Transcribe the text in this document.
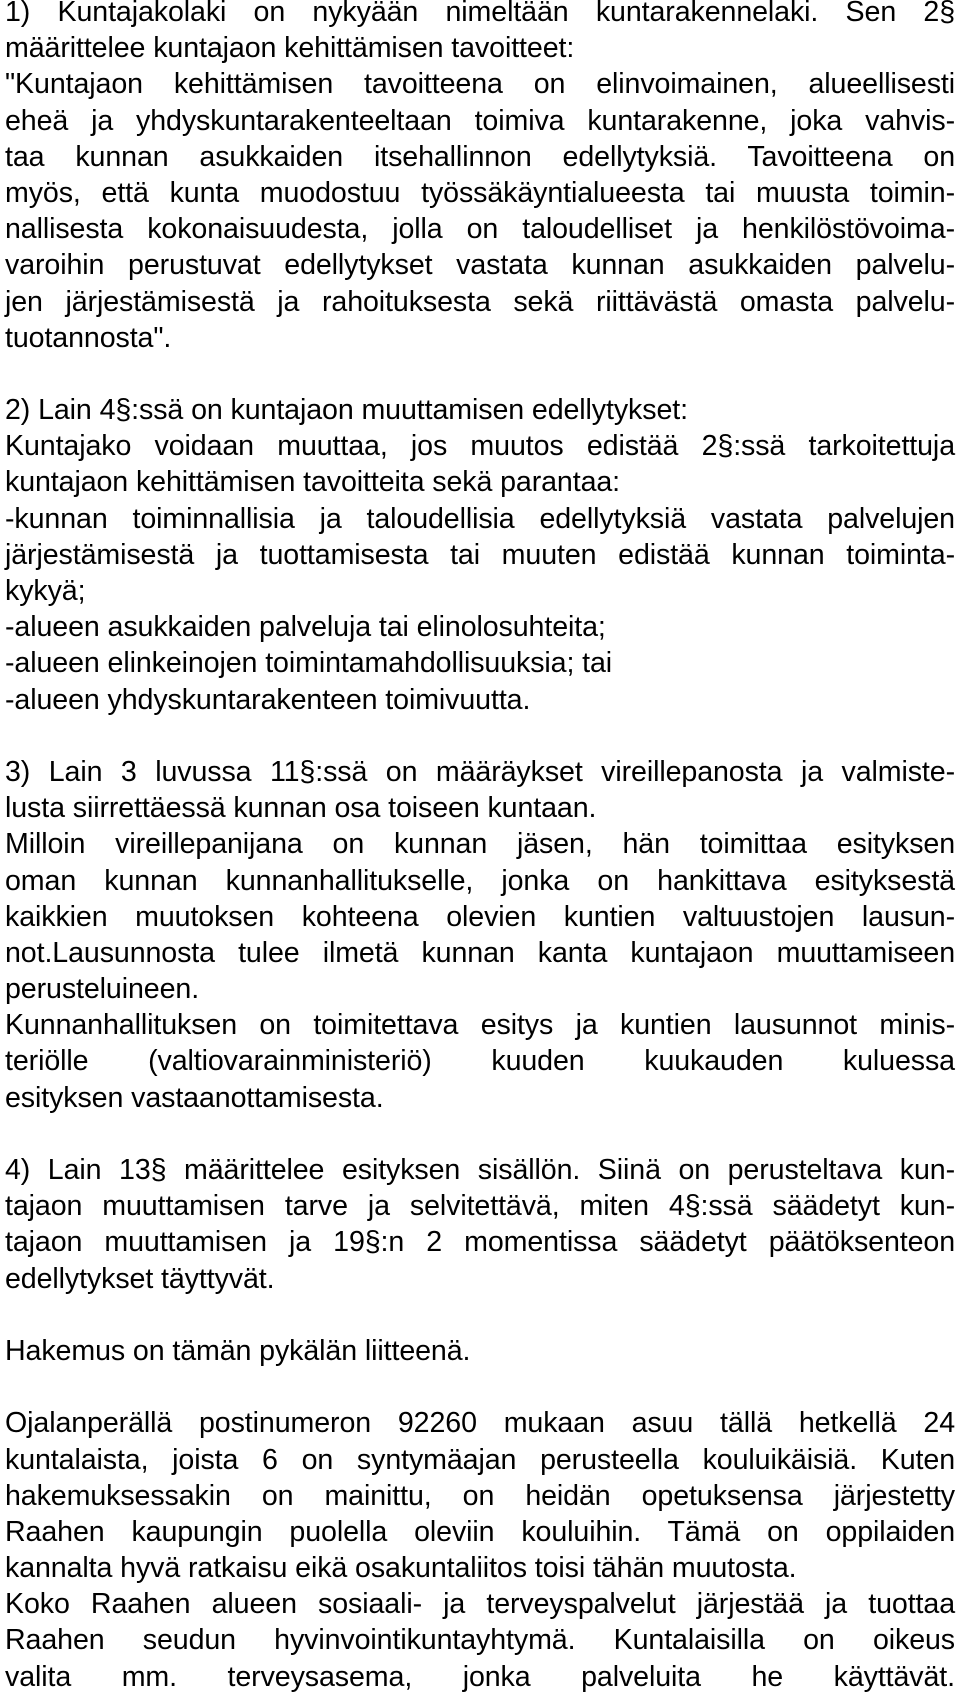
1) Kuntajakolaki on nykyään nimeltään kuntarakennelaki. Sen 2§
määrittelee kuntajaon kehittämisen tavoitteet:
"Kuntajaon kehittämisen tavoitteena on elinvoimainen, alueellisesti
eheä ja yhdyskuntarakenteeltaan toimiva kuntarakenne, joka vahvis-
taa kunnan asukkaiden itsehallinnon edellytyksiä. Tavoitteena on
myös, että kunta muodostuu työssäkäyntialueesta tai muusta toimin-
nallisesta kokonaisuudesta, jolla on taloudelliset ja henkilöstövoima-
varoihin perustuvat edellytykset vastata kunnan asukkaiden palvelu-
jen järjestämisestä ja rahoituksesta sekä riittävästä omasta palvelu-
tuotannosta".
2) Lain 4§:ssä on kuntajaon muuttamisen edellytykset:
Kuntajako voidaan muuttaa, jos muutos edistää 2§:ssä tarkoitettuja
kuntajaon kehittämisen tavoitteita sekä parantaa:
-kunnan toiminnallisia ja taloudellisia edellytyksiä vastata palvelujen
järjestämisestä ja tuottamisesta tai muuten edistää kunnan toiminta-
kykyä;
-alueen asukkaiden palveluja tai elinolosuhteita;
-alueen elinkeinojen toimintamahdollisuuksia; tai
-alueen yhdyskuntarakenteen toimivuutta.
3) Lain 3 luvussa 11§:ssä on määräykset vireillepanosta ja valmiste-
lusta siirrettäessä kunnan osa toiseen kuntaan.
Milloin vireillepanijana on kunnan jäsen, hän toimittaa esityksen
oman kunnan kunnanhallitukselle, jonka on hankittava esityksestä
kaikkien muutoksen kohteena olevien kuntien valtuustojen lausun-
not.Lausunnosta tulee ilmetä kunnan kanta kuntajaon muuttamiseen
perusteluineen.
Kunnanhallituksen on toimitettava esitys ja kuntien lausunnot minis-
teriölle (valtiovarainministeriö) kuuden kuukauden kuluessa
esityksen vastaanottamisesta.
4) Lain 13§ määrittelee esityksen sisällön. Siinä on perusteltava kun-
tajaon muuttamisen tarve ja selvitettävä, miten 4§:ssä säädetyt kun-
tajaon muuttamisen ja 19§:n 2 momentissa säädetyt päätöksenteon
edellytykset täyttyvät.
Hakemus on tämän pykälän liitteenä.
Ojalanperällä postinumeron 92260 mukaan asuu tällä hetkellä 24
kuntalaista, joista 6 on syntymäajan perusteella kouluikäisiä. Kuten
hakemuksessakin on mainittu, on heidän opetuksensa järjestetty
Raahen kaupungin puolella oleviin kouluihin. Tämä on oppilaiden
kannalta hyvä ratkaisu eikä osakuntaliitos toisi tähän muutosta.
Koko Raahen alueen sosiaali- ja terveyspalvelut järjestää ja tuottaa
Raahen seudun hyvinvointikuntayhtymä. Kuntalaisilla on oikeus
valita mm. terveysasema, jonka palveluita he käyttävät.
